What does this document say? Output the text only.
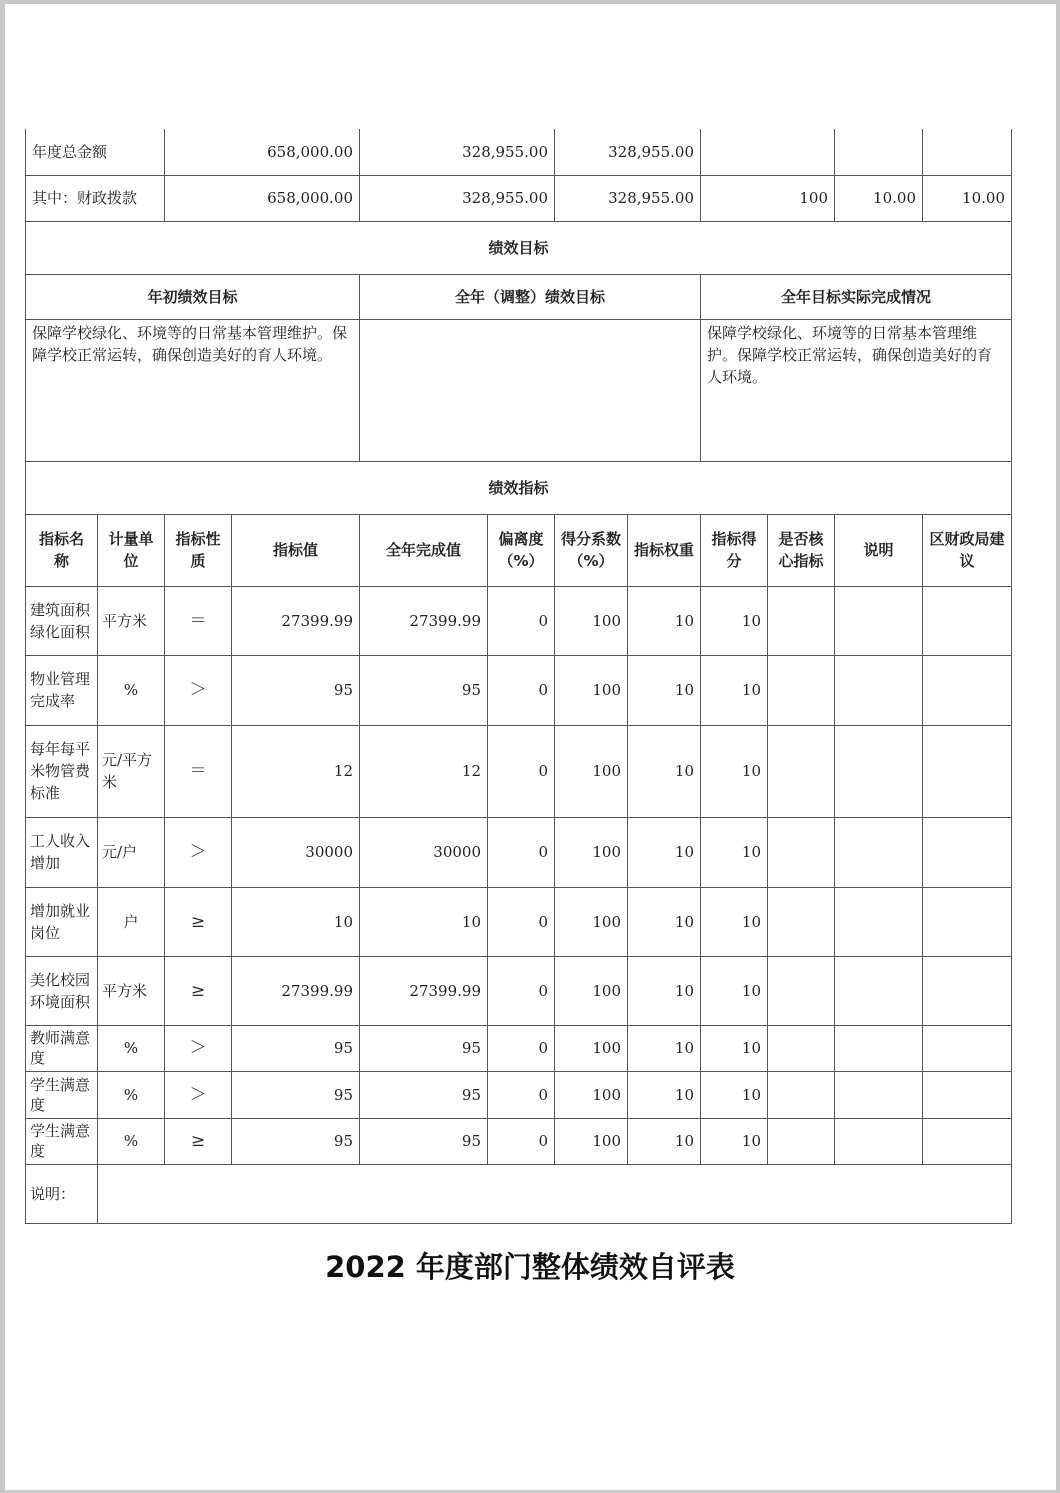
年度总金额		658,000.00		328,955.00		328,955.00					
其中：财政拨款		658,000.00		328,955.00		328,955.00		100		10.00	10.00
绩效目标											
年初绩效目标				全年（调整）绩效目标				全年目标实际完成情况			
保障学校绿化、环境等的日常基本管理维护。保障学校正常运转，确保创造美好的育人环境。								保障学校绿化、环境等的日常基本管理维护。保障学校正常运转，确保创造美好的育人环境。			
绩效指标											
指标名称	计量单位	指标性质	指标值	全年完成值	偏离度（%）	得分系数（%）	指标权重	指标得分	是否核心指标	说明	区财政局建议
建筑面积绿化面积	平方米	＝	27399.99	27399.99	0	100	10	10			
物业管理完成率	%	＞	95	95	0	100	10	10			
每年每平米物管费标准	元/平方米	＝	12	12	0	100	10	10			
工人收入增加	元/户	＞	30000	30000	0	100	10	10			
增加就业岗位	户	≥	10	10	0	100	10	10			
美化校园环境面积	平方米	≥	27399.99	27399.99	0	100	10	10			
教师满意度	%	＞	95	95	0	100	10	10			
学生满意度	%	＞	95	95	0	100	10	10			
学生满意度	%	≥	95	95	0	100	10	10			
说明：											
2022 年度部门整体绩效自评表
